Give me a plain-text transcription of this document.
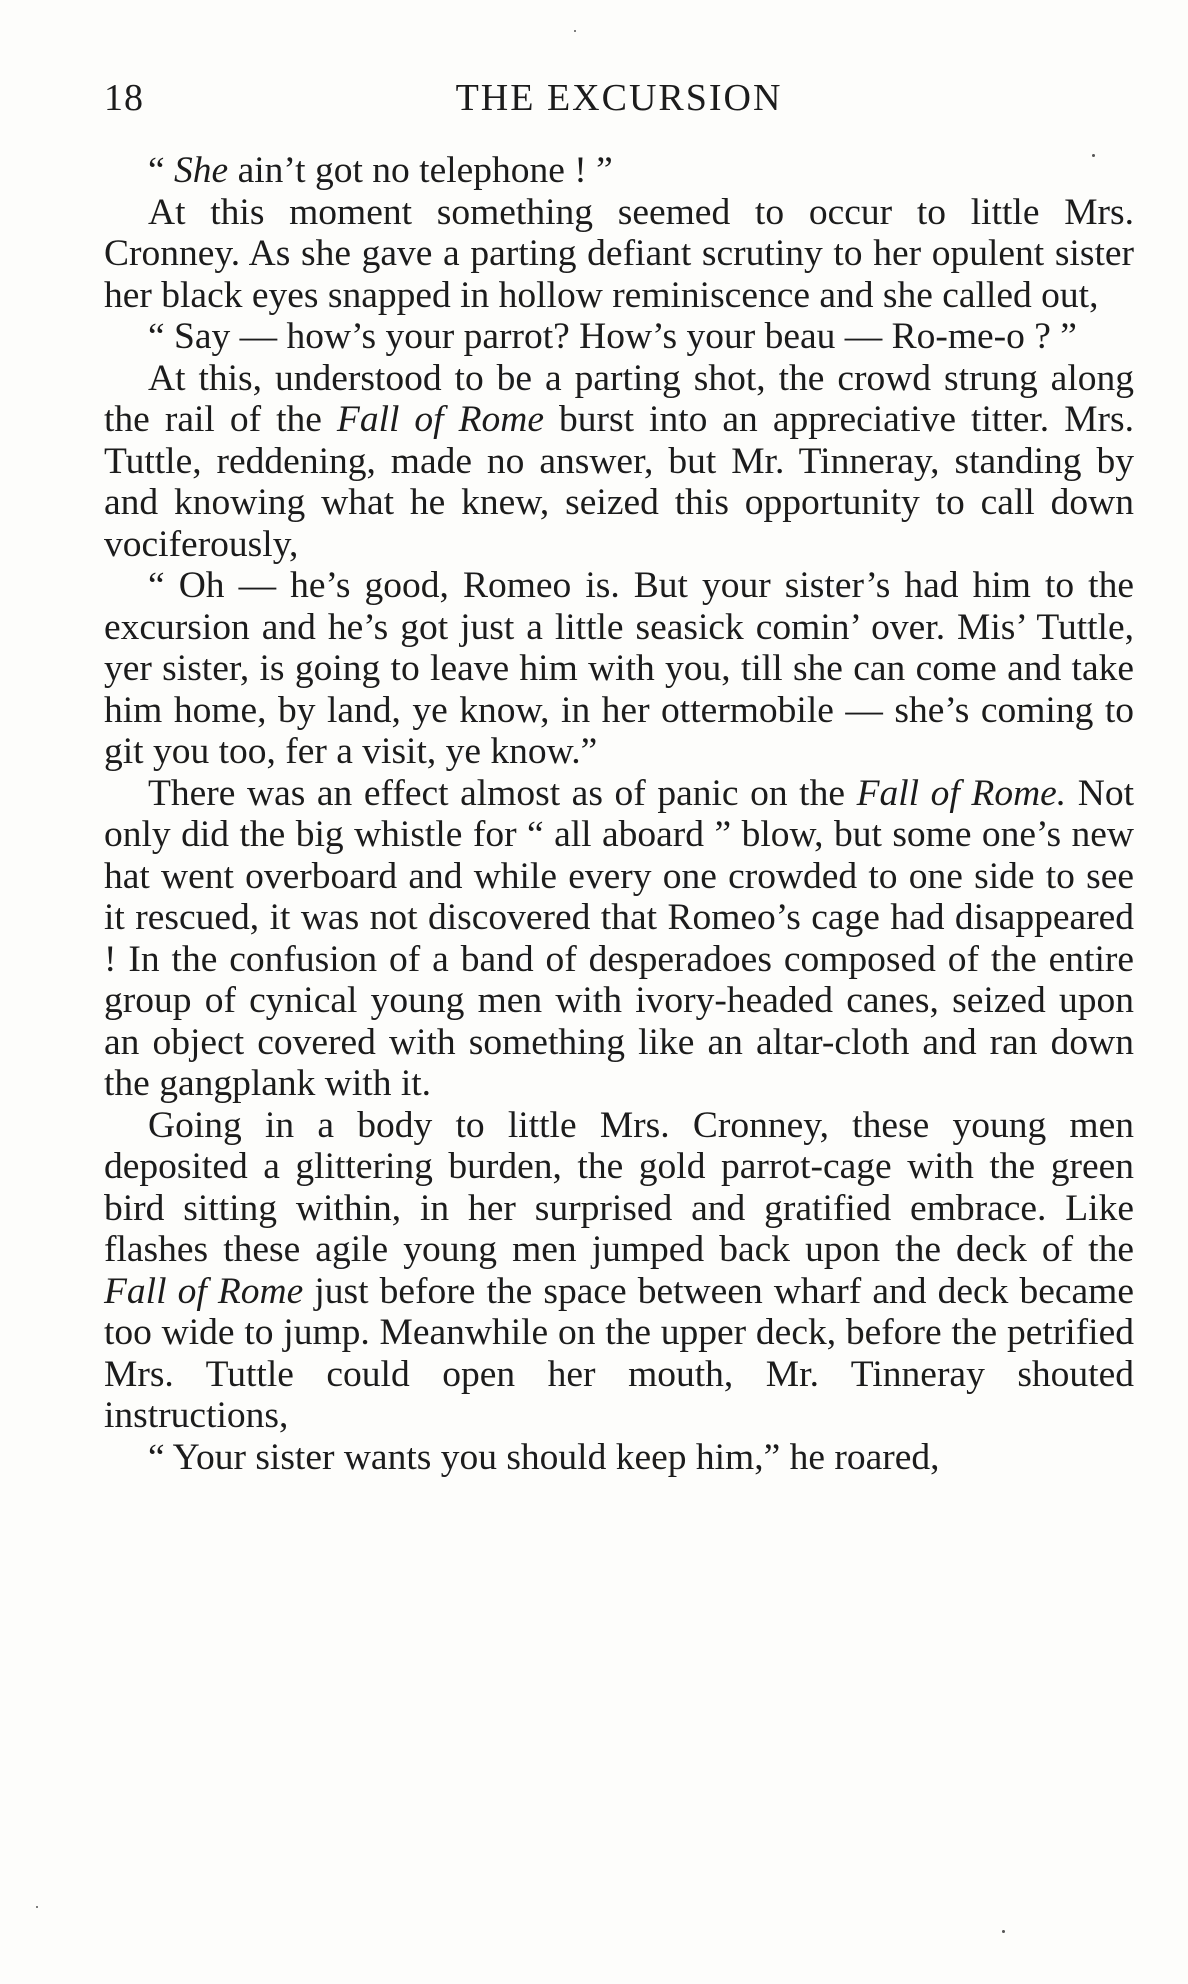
18	THE EXCURSION

“ She ain’t got no telephone ! ”

At this moment something seemed to occur to little Mrs. Cronney. As she gave a parting defiant scrutiny to her opulent sister her black eyes snapped in hollow reminiscence and she called out,

“ Say — how’s your parrot? How’s your beau — Ro-me-o ? ”

At this, understood to be a parting shot, the crowd strung along the rail of the Fall of Rome burst into an appreciative titter. Mrs. Tuttle, reddening, made no answer, but Mr. Tinneray, standing by and knowing what he knew, seized this opportunity to call down vociferously,

“ Oh — he’s good, Romeo is. But your sister’s had him to the excursion and he’s got just a little seasick comin’ over. Mis’ Tuttle, yer sister, is going to leave him with you, till she can come and take him home, by land, ye know, in her ottermobile — she’s coming to git you too, fer a visit, ye know.”

There was an effect almost as of panic on the Fall of Rome. Not only did the big whistle for “ all aboard ” blow, but some one’s new hat went overboard and while every one crowded to one side to see it rescued, it was not discovered that Romeo’s cage had disappeared ! In the confusion of a band of desperadoes composed of the entire group of cynical young men with ivory-headed canes, seized upon an object covered with something like an altar-cloth and ran down the gangplank with it.

Going in a body to little Mrs. Cronney, these young men deposited a glittering burden, the gold parrot-cage with the green bird sitting within, in her surprised and gratified embrace. Like flashes these agile young men jumped back upon the deck of the Fall of Rome just before the space between wharf and deck became too wide to jump. Meanwhile on the upper deck, before the petrified Mrs. Tuttle could open her mouth, Mr. Tinneray shouted instructions,

“ Your sister wants you should keep him,” he roared,
